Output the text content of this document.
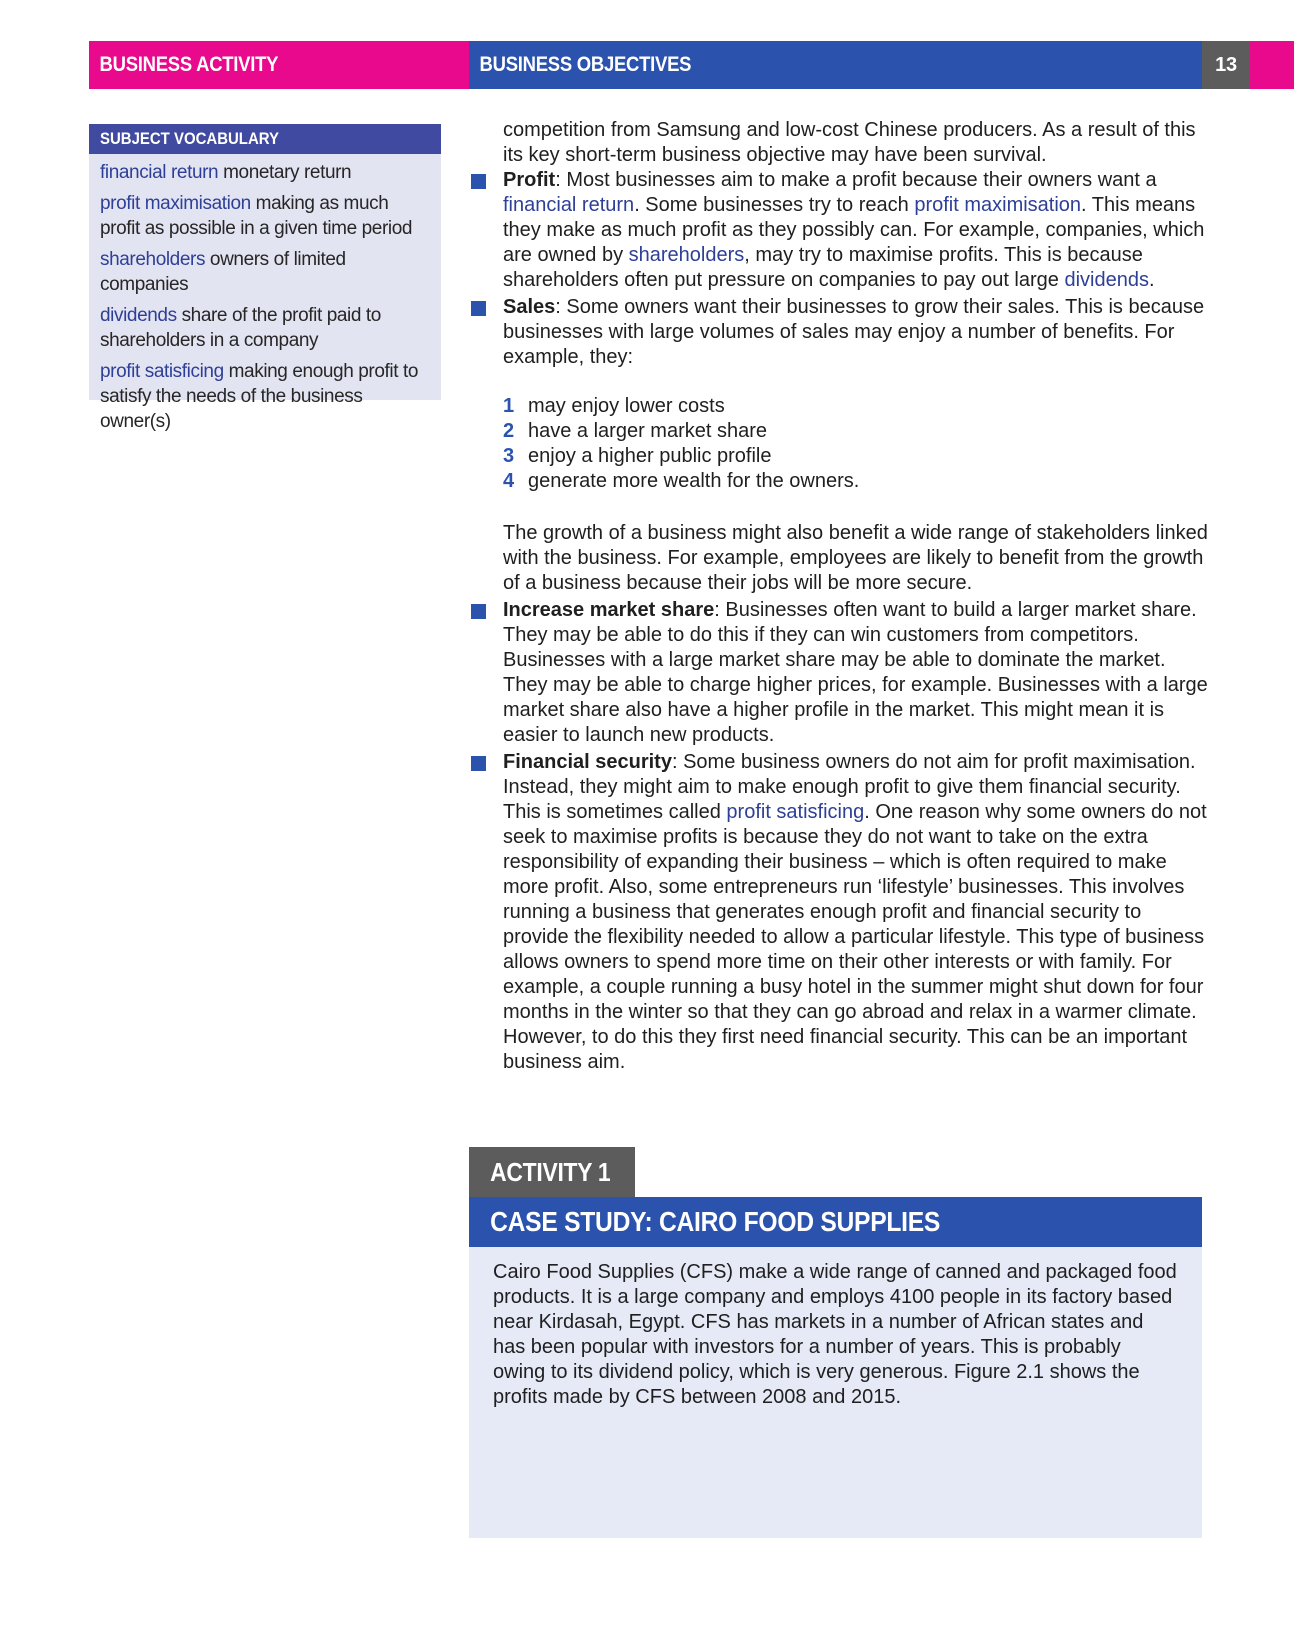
BUSINESS ACTIVITY	BUSINESS OBJECTIVES	13
SUBJECT VOCABULARY
financial return monetary return
profit maximisation making as much profit as possible in a given time period
shareholders owners of limited companies
dividends share of the profit paid to shareholders in a company
profit satisficing making enough profit to satisfy the needs of the business owner(s)

competition from Samsung and low-cost Chinese producers. As a result of this its key short-term business objective may have been survival.

Profit: Most businesses aim to make a profit because their owners want a financial return. Some businesses try to reach profit maximisation. This means they make as much profit as they possibly can. For example, companies, which are owned by shareholders, may try to maximise profits. This is because shareholders often put pressure on companies to pay out large dividends.
Sales: Some owners want their businesses to grow their sales. This is because businesses with large volumes of sales may enjoy a number of benefits. For example, they:
1 may enjoy lower costs
2 have a larger market share
3 enjoy a higher public profile
4 generate more wealth for the owners.

The growth of a business might also benefit a wide range of stakeholders linked with the business. For example, employees are likely to benefit from the growth of a business because their jobs will be more secure.

Increase market share: Businesses often want to build a larger market share. They may be able to do this if they can win customers from competitors. Businesses with a large market share may be able to dominate the market. They may be able to charge higher prices, for example. Businesses with a large market share also have a higher profile in the market. This might mean it is easier to launch new products.
Financial security: Some business owners do not aim for profit maximisation. Instead, they might aim to make enough profit to give them financial security. This is sometimes called profit satisficing. One reason why some owners do not seek to maximise profits is because they do not want to take on the extra responsibility of expanding their business – which is often required to make more profit. Also, some entrepreneurs run ‘lifestyle’ businesses. This involves running a business that generates enough profit and financial security to provide the flexibility needed to allow a particular lifestyle. This type of business allows owners to spend more time on their other interests or with family. For example, a couple running a busy hotel in the summer might shut down for four months in the winter so that they can go abroad and relax in a warmer climate. However, to do this they first need financial security. This can be an important business aim.
ACTIVITY 1
CASE STUDY: CAIRO FOOD SUPPLIES

Cairo Food Supplies (CFS) make a wide range of canned and packaged food products. It is a large company and employs 4100 people in its factory based near Kirdasah, Egypt. CFS has markets in a number of African states and has been popular with investors for a number of years. This is probably owing to its dividend policy, which is very generous. Figure 2.1 shows the profits made by CFS between 2008 and 2015.
